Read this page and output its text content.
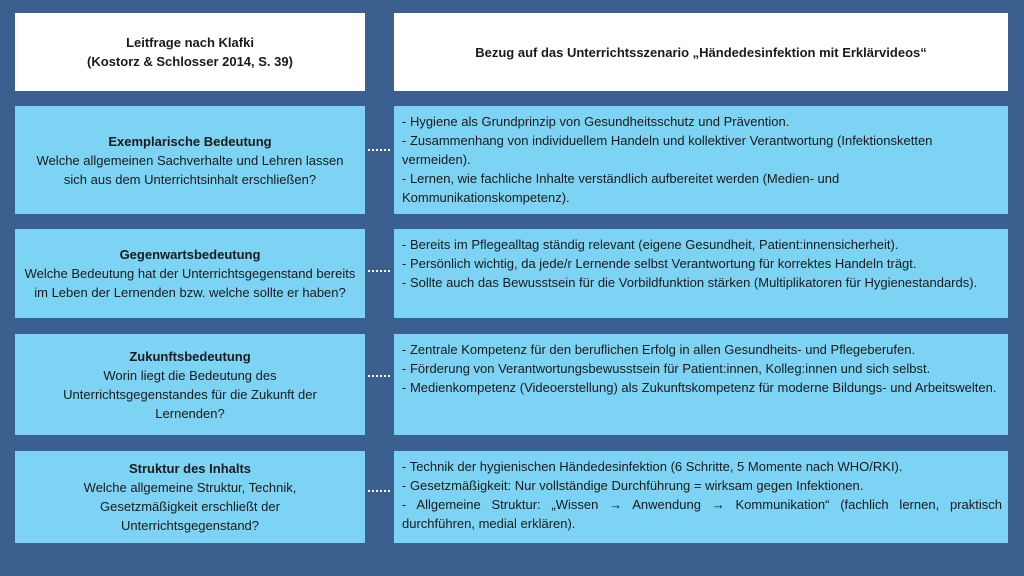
Leitfrage nach Klafki
(Kostorz & Schlosser 2014, S. 39)
Bezug auf das Unterrichtsszenario „Händedesinfektion mit Erklärvideos“
Exemplarische Bedeutung
Welche allgemeinen Sachverhalte und Lehren lassen sich aus dem Unterrichtsinhalt erschließen?

- Hygiene als Grundprinzip von Gesundheitsschutz und Prävention.

- Zusammenhang von individuellem Handeln und kollektiver Verantwortung (Infektionsketten vermeiden).

- Lernen, wie fachliche Inhalte verständlich aufbereitet werden (Medien- und Kommunikationskompetenz).

Gegenwartsbedeutung
Welche Bedeutung hat der Unterrichtsgegenstand bereits im Leben der Lernenden bzw. welche sollte er haben?

- Bereits im Pflegealltag ständig relevant (eigene Gesundheit, Patient:innensicherheit).

- Persönlich wichtig, da jede/r Lernende selbst Verantwortung für korrektes Handeln trägt.

- Sollte auch das Bewusstsein für die Vorbildfunktion stärken (Multiplikatoren für Hygienestandards).

Zukunftsbedeutung
Worin liegt die Bedeutung des Unterrichtsgegenstandes für die Zukunft der Lernenden?

- Zentrale Kompetenz für den beruflichen Erfolg in allen Gesundheits- und Pflegeberufen.

- Förderung von Verantwortungsbewusstsein für Patient:innen, Kolleg:innen und sich selbst.

- Medienkompetenz (Videoerstellung) als Zukunftskompetenz für moderne Bildungs- und Arbeitswelten.

Struktur des Inhalts
Welche allgemeine Struktur, Technik, Gesetzmäßigkeit erschließt der Unterrichtsgegenstand?

- Technik der hygienischen Händedesinfektion (6 Schritte, 5 Momente nach WHO/RKI).

- Gesetzmäßigkeit: Nur vollständige Durchführung = wirksam gegen Infektionen.

- Allgemeine Struktur: „Wissen → Anwendung → Kommunikation“ (fachlich lernen, praktisch durchführen, medial erklären).
